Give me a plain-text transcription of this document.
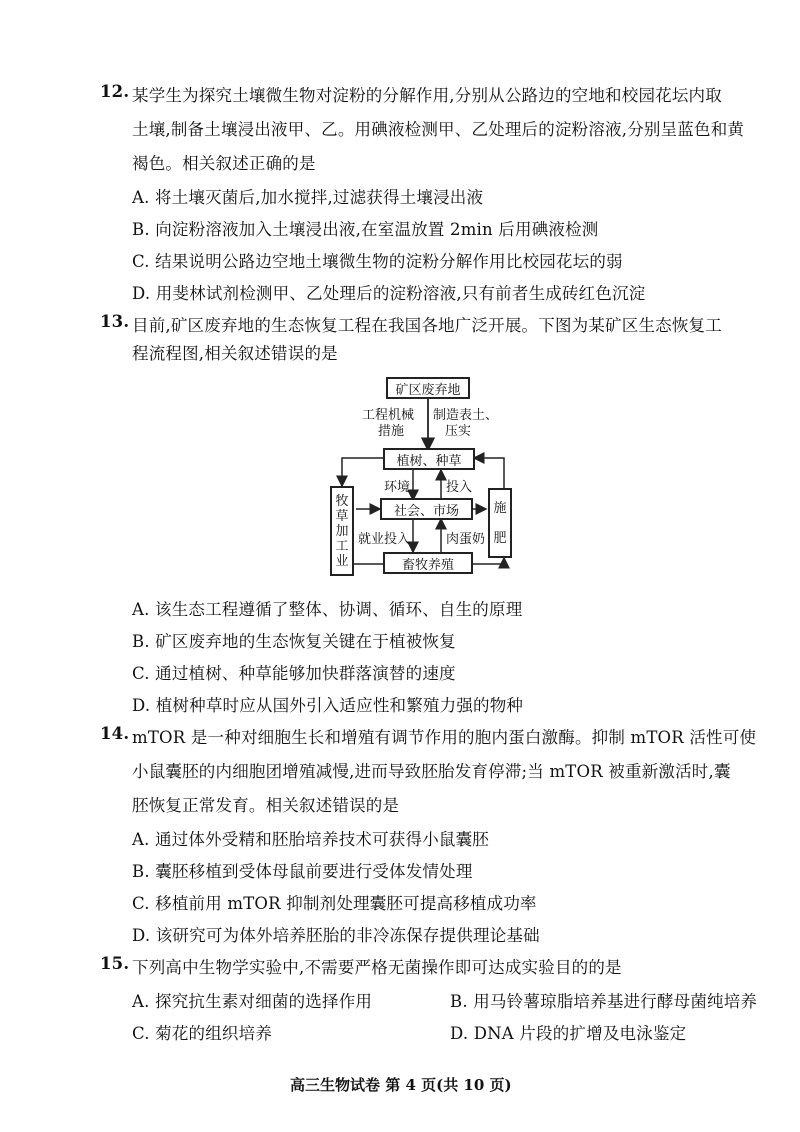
12. 某学生为探究土壤微生物对淀粉的分解作用,分别从公路边的空地和校园花坛内取
土壤,制备土壤浸出液甲、乙。用碘液检测甲、乙处理后的淀粉溶液,分别呈蓝色和黄
褐色。相关叙述正确的是
A. 将土壤灭菌后,加水搅拌,过滤获得土壤浸出液
B. 向淀粉溶液加入土壤浸出液,在室温放置 2min 后用碘液检测
C. 结果说明公路边空地土壤微生物的淀粉分解作用比校园花坛的弱
D. 用斐林试剂检测甲、乙处理后的淀粉溶液,只有前者生成砖红色沉淀
13. 目前,矿区废弃地的生态恢复工程在我国各地广泛开展。下图为某矿区生态恢复工
程流程图,相关叙述错误的是
矿区废弃地
工程机械
措施
制造表土、
压实
植树、种草
环境	投入
社会、市场
就业投入	肉蛋奶
畜牧养殖
牧
草
加
工
业
施
肥
A. 该生态工程遵循了整体、协调、循环、自生的原理
B. 矿区废弃地的生态恢复关键在于植被恢复
C. 通过植树、种草能够加快群落演替的速度
D. 植树种草时应从国外引入适应性和繁殖力强的物种
14. mTOR 是一种对细胞生长和增殖有调节作用的胞内蛋白激酶。抑制 mTOR 活性可使
小鼠囊胚的内细胞团增殖减慢,进而导致胚胎发育停滞;当 mTOR 被重新激活时,囊
胚恢复正常发育。相关叙述错误的是
A. 通过体外受精和胚胎培养技术可获得小鼠囊胚
B. 囊胚移植到受体母鼠前要进行受体发情处理
C. 移植前用 mTOR 抑制剂处理囊胚可提高移植成功率
D. 该研究可为体外培养胚胎的非冷冻保存提供理论基础
15. 下列高中生物学实验中,不需要严格无菌操作即可达成实验目的的是
A. 探究抗生素对细菌的选择作用	B. 用马铃薯琼脂培养基进行酵母菌纯培养
C. 菊花的组织培养	D. DNA 片段的扩增及电泳鉴定
高三生物试卷 第 4 页(共 10 页)
